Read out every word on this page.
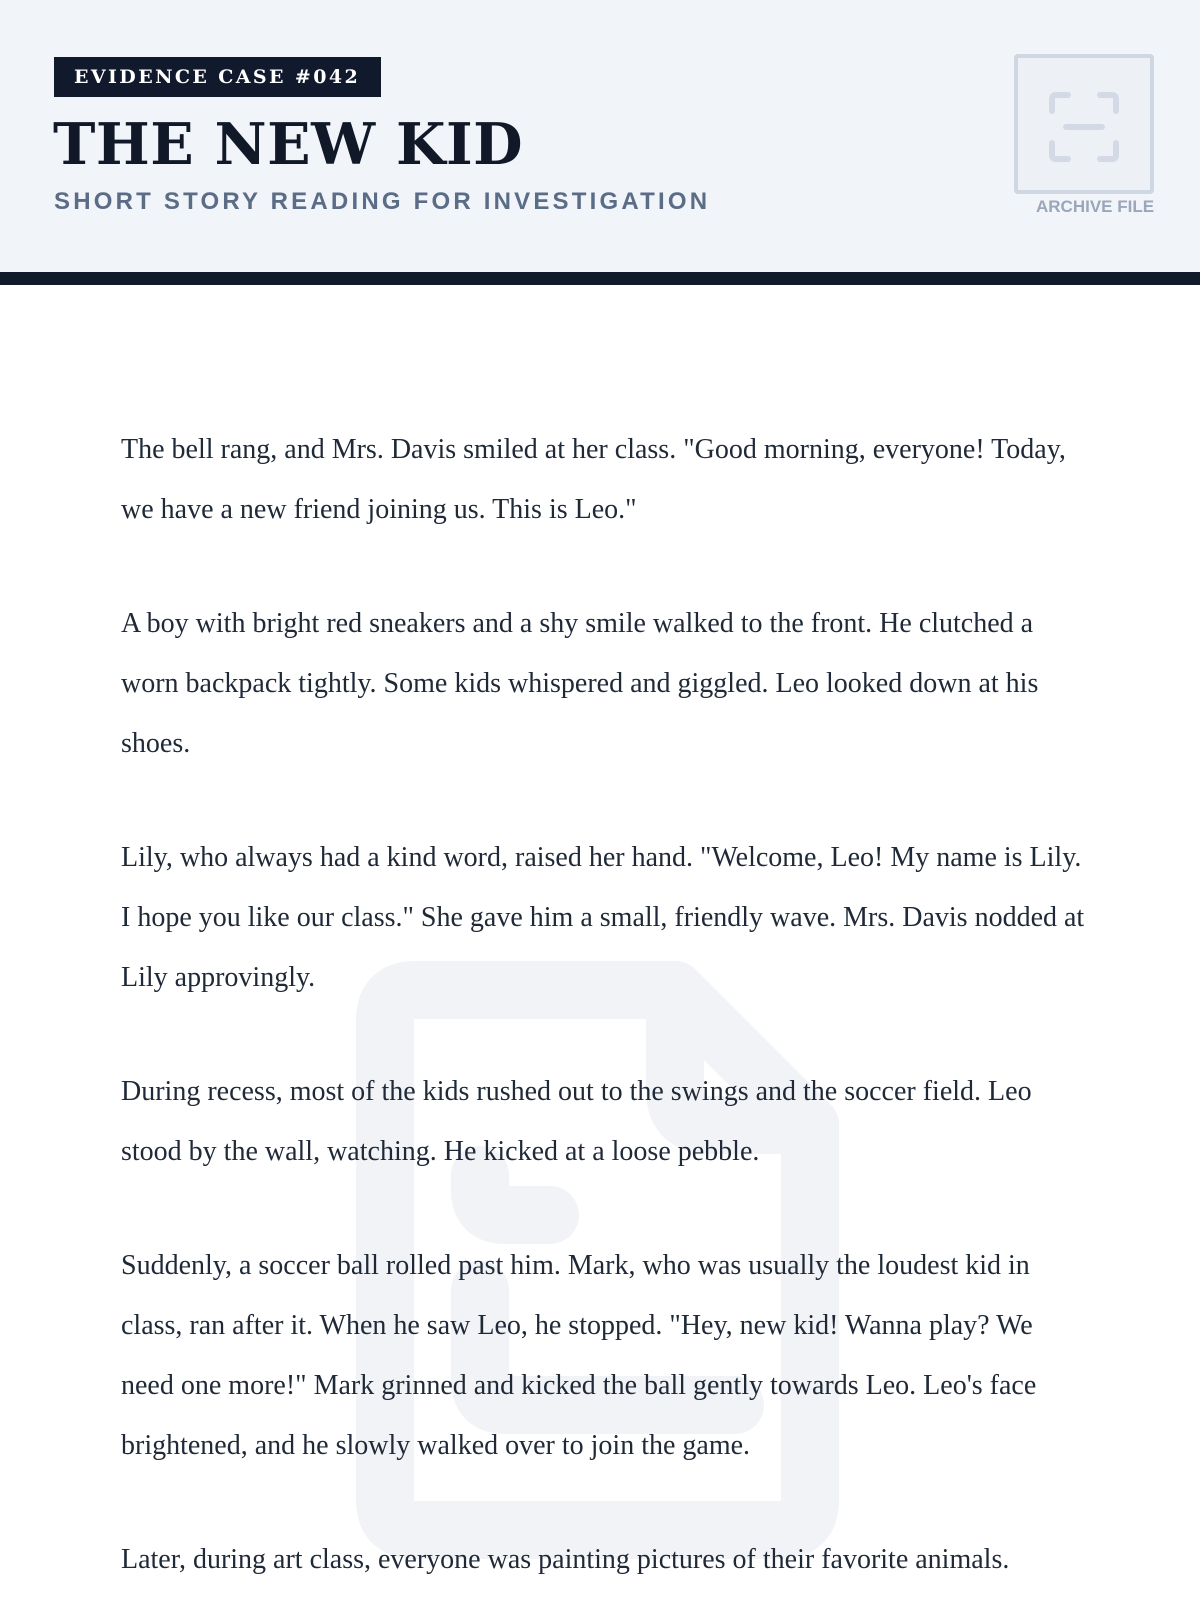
EVIDENCE CASE #042
THE NEW KID
SHORT STORY READING FOR INVESTIGATION	ARCHIVE FILE

The bell rang, and Mrs. Davis smiled at her class. "Good morning, everyone! Today, we have a new friend joining us. This is Leo."

A boy with bright red sneakers and a shy smile walked to the front. He clutched a worn backpack tightly. Some kids whispered and giggled. Leo looked down at his shoes.

Lily, who always had a kind word, raised her hand. "Welcome, Leo! My name is Lily. I hope you like our class." She gave him a small, friendly wave. Mrs. Davis nodded at Lily approvingly.

During recess, most of the kids rushed out to the swings and the soccer field. Leo stood by the wall, watching. He kicked at a loose pebble.

Suddenly, a soccer ball rolled past him. Mark, who was usually the loudest kid in class, ran after it. When he saw Leo, he stopped. "Hey, new kid! Wanna play? We need one more!" Mark grinned and kicked the ball gently towards Leo. Leo's face brightened, and he slowly walked over to join the game.

Later, during art class, everyone was painting pictures of their favorite animals.
